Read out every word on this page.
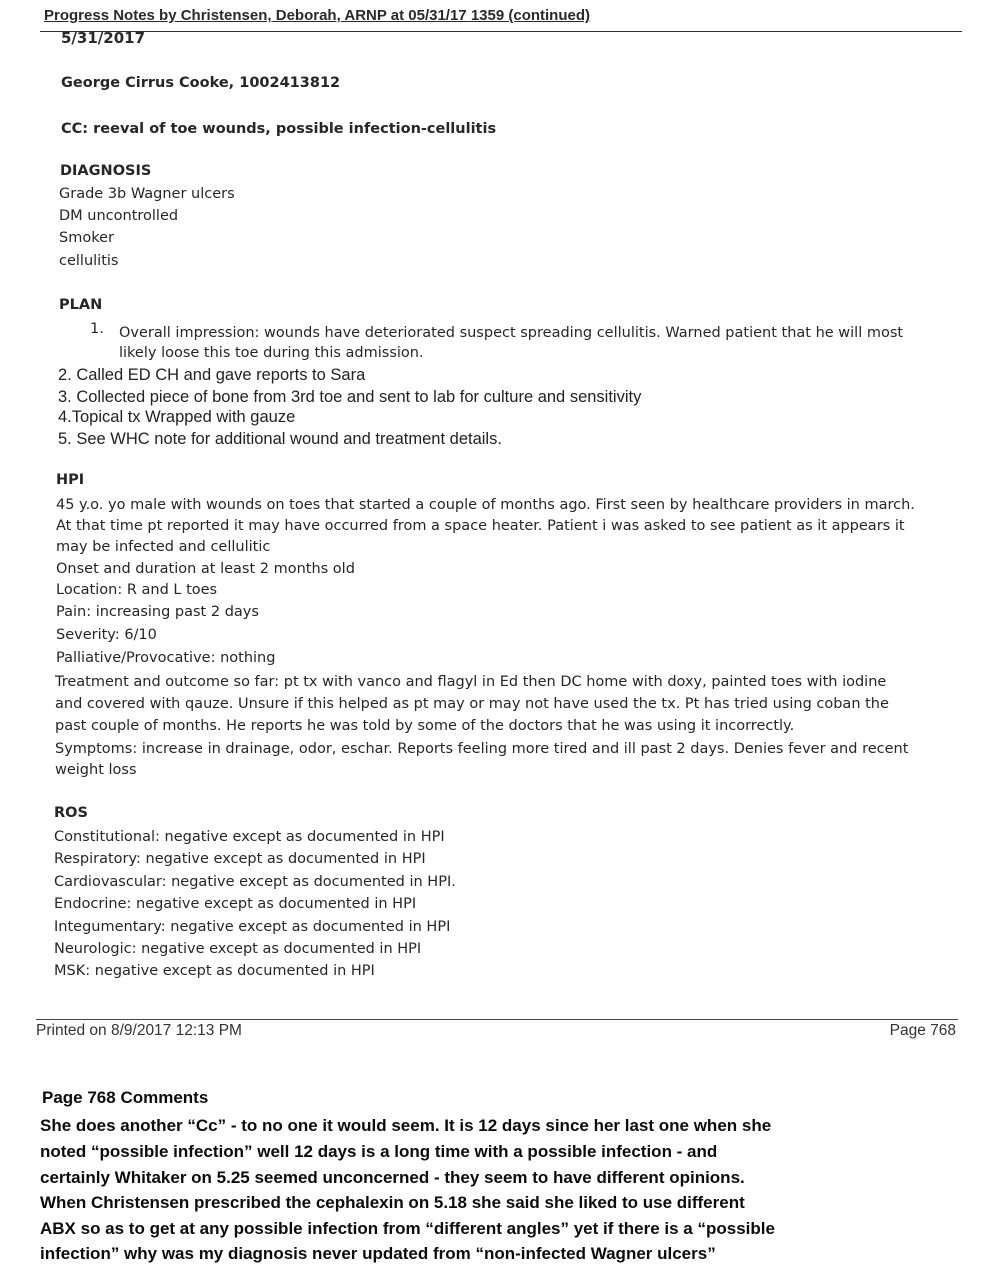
Progress Notes by Christensen, Deborah, ARNP at 05/31/17 1359 (continued)
5/31/2017
George Cirrus Cooke, 1002413812
CC: reeval of toe wounds, possible infection-cellulitis
DIAGNOSIS
Grade 3b Wagner ulcers
DM uncontrolled
Smoker
cellulitis
PLAN
1. Overall impression: wounds have deteriorated suspect spreading cellulitis. Warned patient that he will most
likely loose this toe during this admission.
2. Called ED CH and gave reports to Sara
3. Collected piece of bone from 3rd toe and sent to lab for culture and sensitivity
4.Topical tx Wrapped with gauze
5. See WHC note for additional wound and treatment details.
HPI
45 y.o. yo male with wounds on toes that started a couple of months ago. First seen by healthcare providers in march.
At that time pt reported it may have occurred from a space heater. Patient i was asked to see patient as it appears it
may be infected and cellulitic
Onset and duration at least 2 months old
Location: R and L toes
Pain: increasing past 2 days
Severity: 6/10
Palliative/Provocative: nothing
Treatment and outcome so far: pt tx with vanco and flagyl in Ed then DC home with doxy, painted toes with iodine
and covered with qauze. Unsure if this helped as pt may or may not have used the tx. Pt has tried using coban the
past couple of months. He reports he was told by some of the doctors that he was using it incorrectly.
Symptoms: increase in drainage, odor, eschar. Reports feeling more tired and ill past 2 days. Denies fever and recent
weight loss
ROS
Constitutional: negative except as documented in HPI
Respiratory: negative except as documented in HPI
Cardiovascular: negative except as documented in HPI.
Endocrine: negative except as documented in HPI
Integumentary: negative except as documented in HPI
Neurologic: negative except as documented in HPI
MSK: negative except as documented in HPI
Printed on 8/9/2017 12:13 PM	Page 768
Page 768 Comments
She does another “Cc” - to no one it would seem. It is 12 days since her last one when she
noted “possible infection” well 12 days is a long time with a possible infection - and
certainly Whitaker on 5.25 seemed unconcerned - they seem to have different opinions.
When Christensen prescribed the cephalexin on 5.18 she said she liked to use different
ABX so as to get at any possible infection from “different angles” yet if there is a “possible
infection” why was my diagnosis never updated from “non-infected Wagner ulcers”
